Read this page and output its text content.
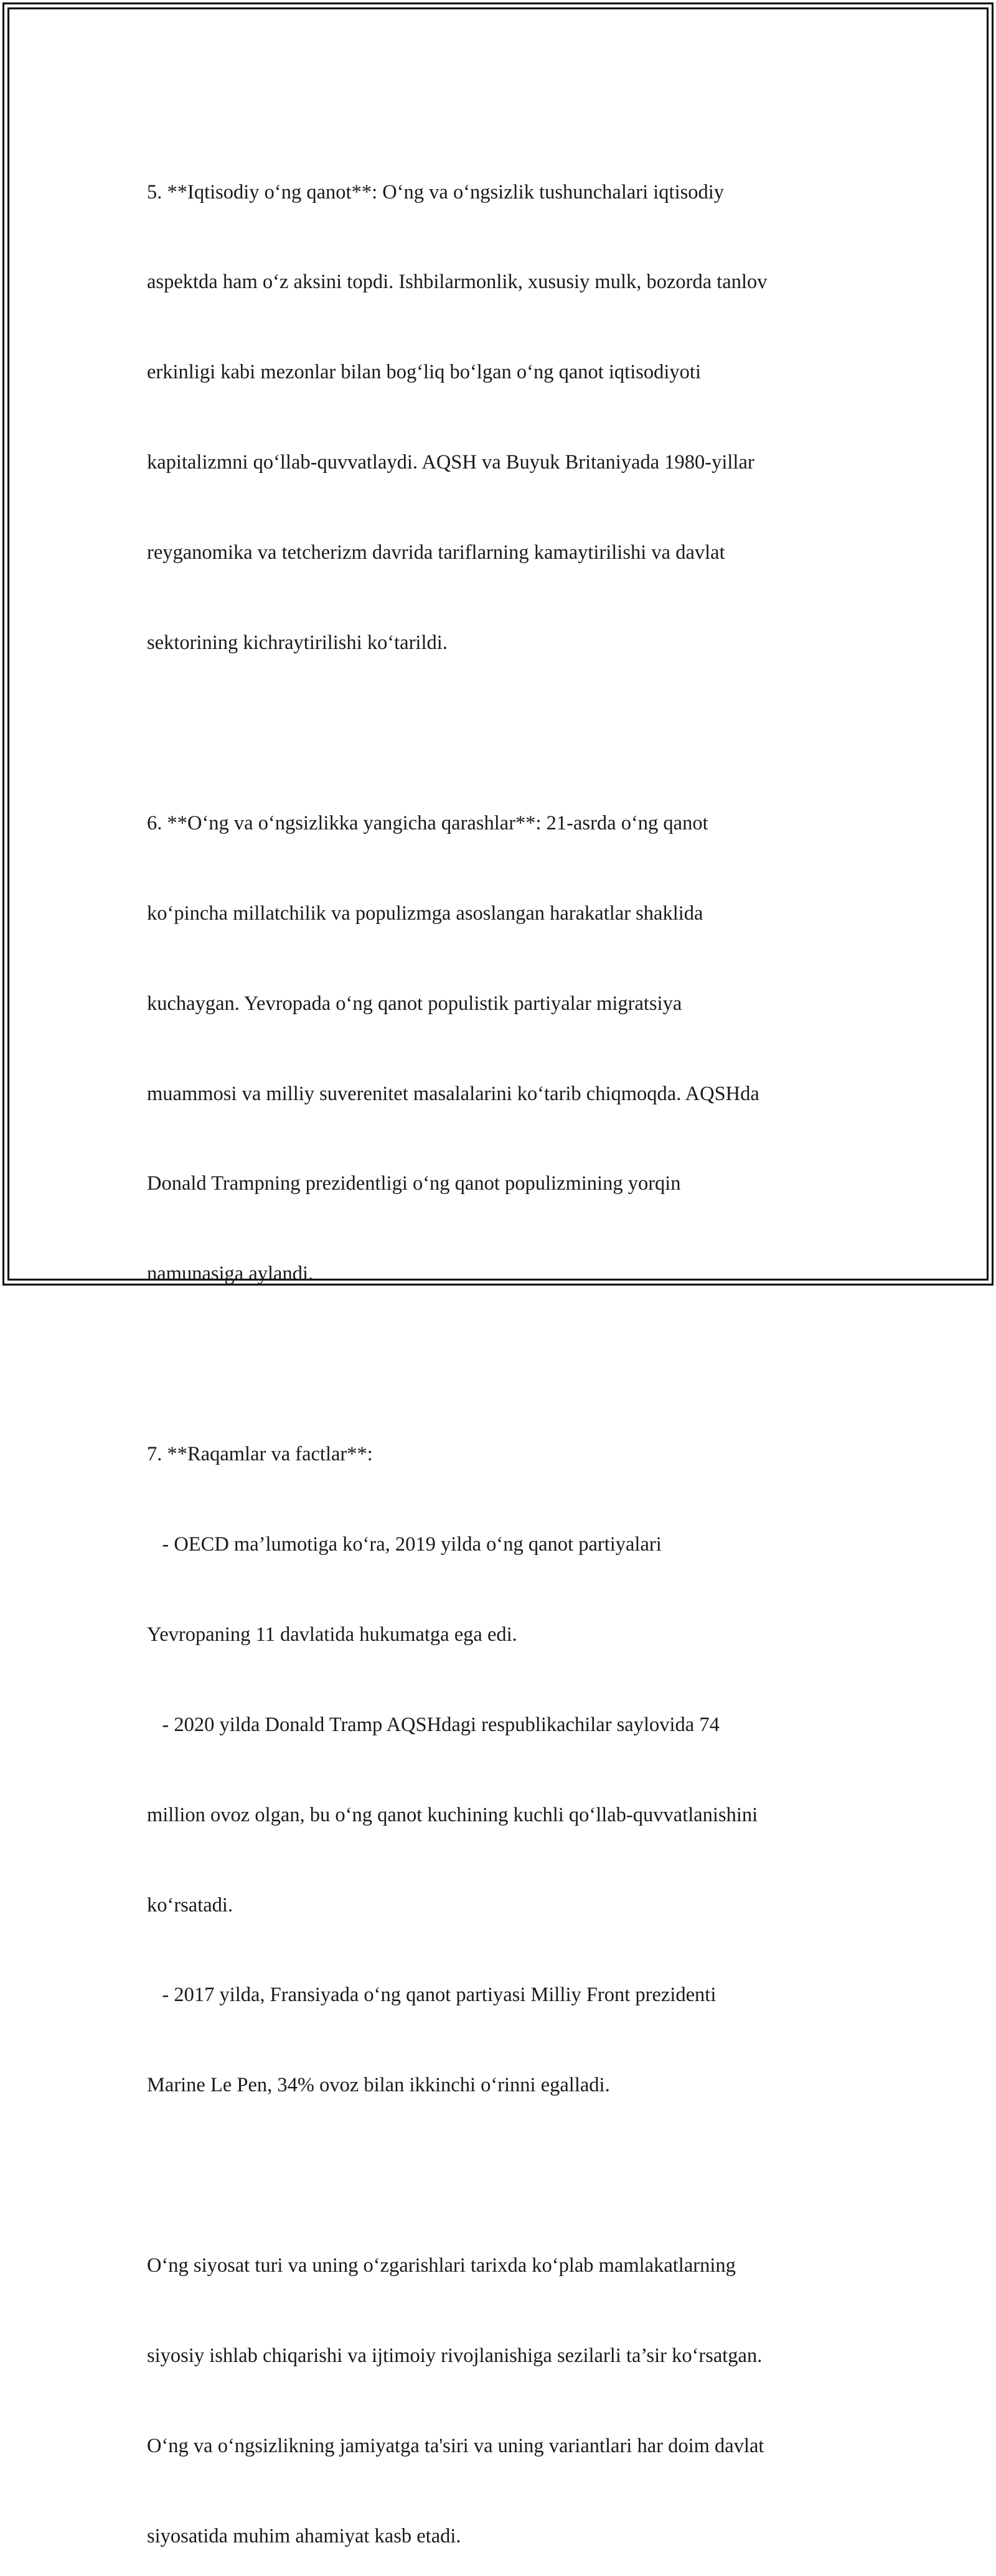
5. **Iqtisodiy oʻng qanot**: Oʻng va oʻngsizlik tushunchalari iqtisodiy

aspektda ham oʻz aksini topdi. Ishbilarmonlik, xususiy mulk, bozorda tanlov

erkinligi kabi mezonlar bilan bogʻliq boʻlgan oʻng qanot iqtisodiyoti

kapitalizmni qoʻllab-quvvatlaydi. AQSH va Buyuk Britaniyada 1980-yillar

reyganomika va tetcherizm davrida tariflarning kamaytirilishi va davlat

sektorining kichraytirilishi koʻtarildi.

6. **Oʻng va oʻngsizlikka yangicha qarashlar**: 21-asrda oʻng qanot

koʻpincha millatchilik va populizmga asoslangan harakatlar shaklida

kuchaygan. Yevropada oʻng qanot populistik partiyalar migratsiya

muammosi va milliy suverenitet masalalarini koʻtarib chiqmoqda. AQSHda

Donald Trampning prezidentligi oʻng qanot populizmining yorqin

namunasiga aylandi.

7. **Raqamlar va factlar**:

- OECD ma’lumotiga koʻra, 2019 yilda oʻng qanot partiyalari

Yevropaning 11 davlatida hukumatga ega edi.

- 2020 yilda Donald Tramp AQSHdagi respublikachilar saylovida 74

million ovoz olgan, bu oʻng qanot kuchining kuchli qoʻllab-quvvatlanishini

koʻrsatadi.

- 2017 yilda, Fransiyada oʻng qanot partiyasi Milliy Front prezidenti

Marine Le Pen, 34% ovoz bilan ikkinchi oʻrinni egalladi.

Oʻng siyosat turi va uning oʻzgarishlari tarixda koʻplab mamlakatlarning

siyosiy ishlab chiqarishi va ijtimoiy rivojlanishiga sezilarli ta’sir koʻrsatgan.

Oʻng va oʻngsizlikning jamiyatga ta'siri va uning variantlari har doim davlat

siyosatida muhim ahamiyat kasb etadi.
